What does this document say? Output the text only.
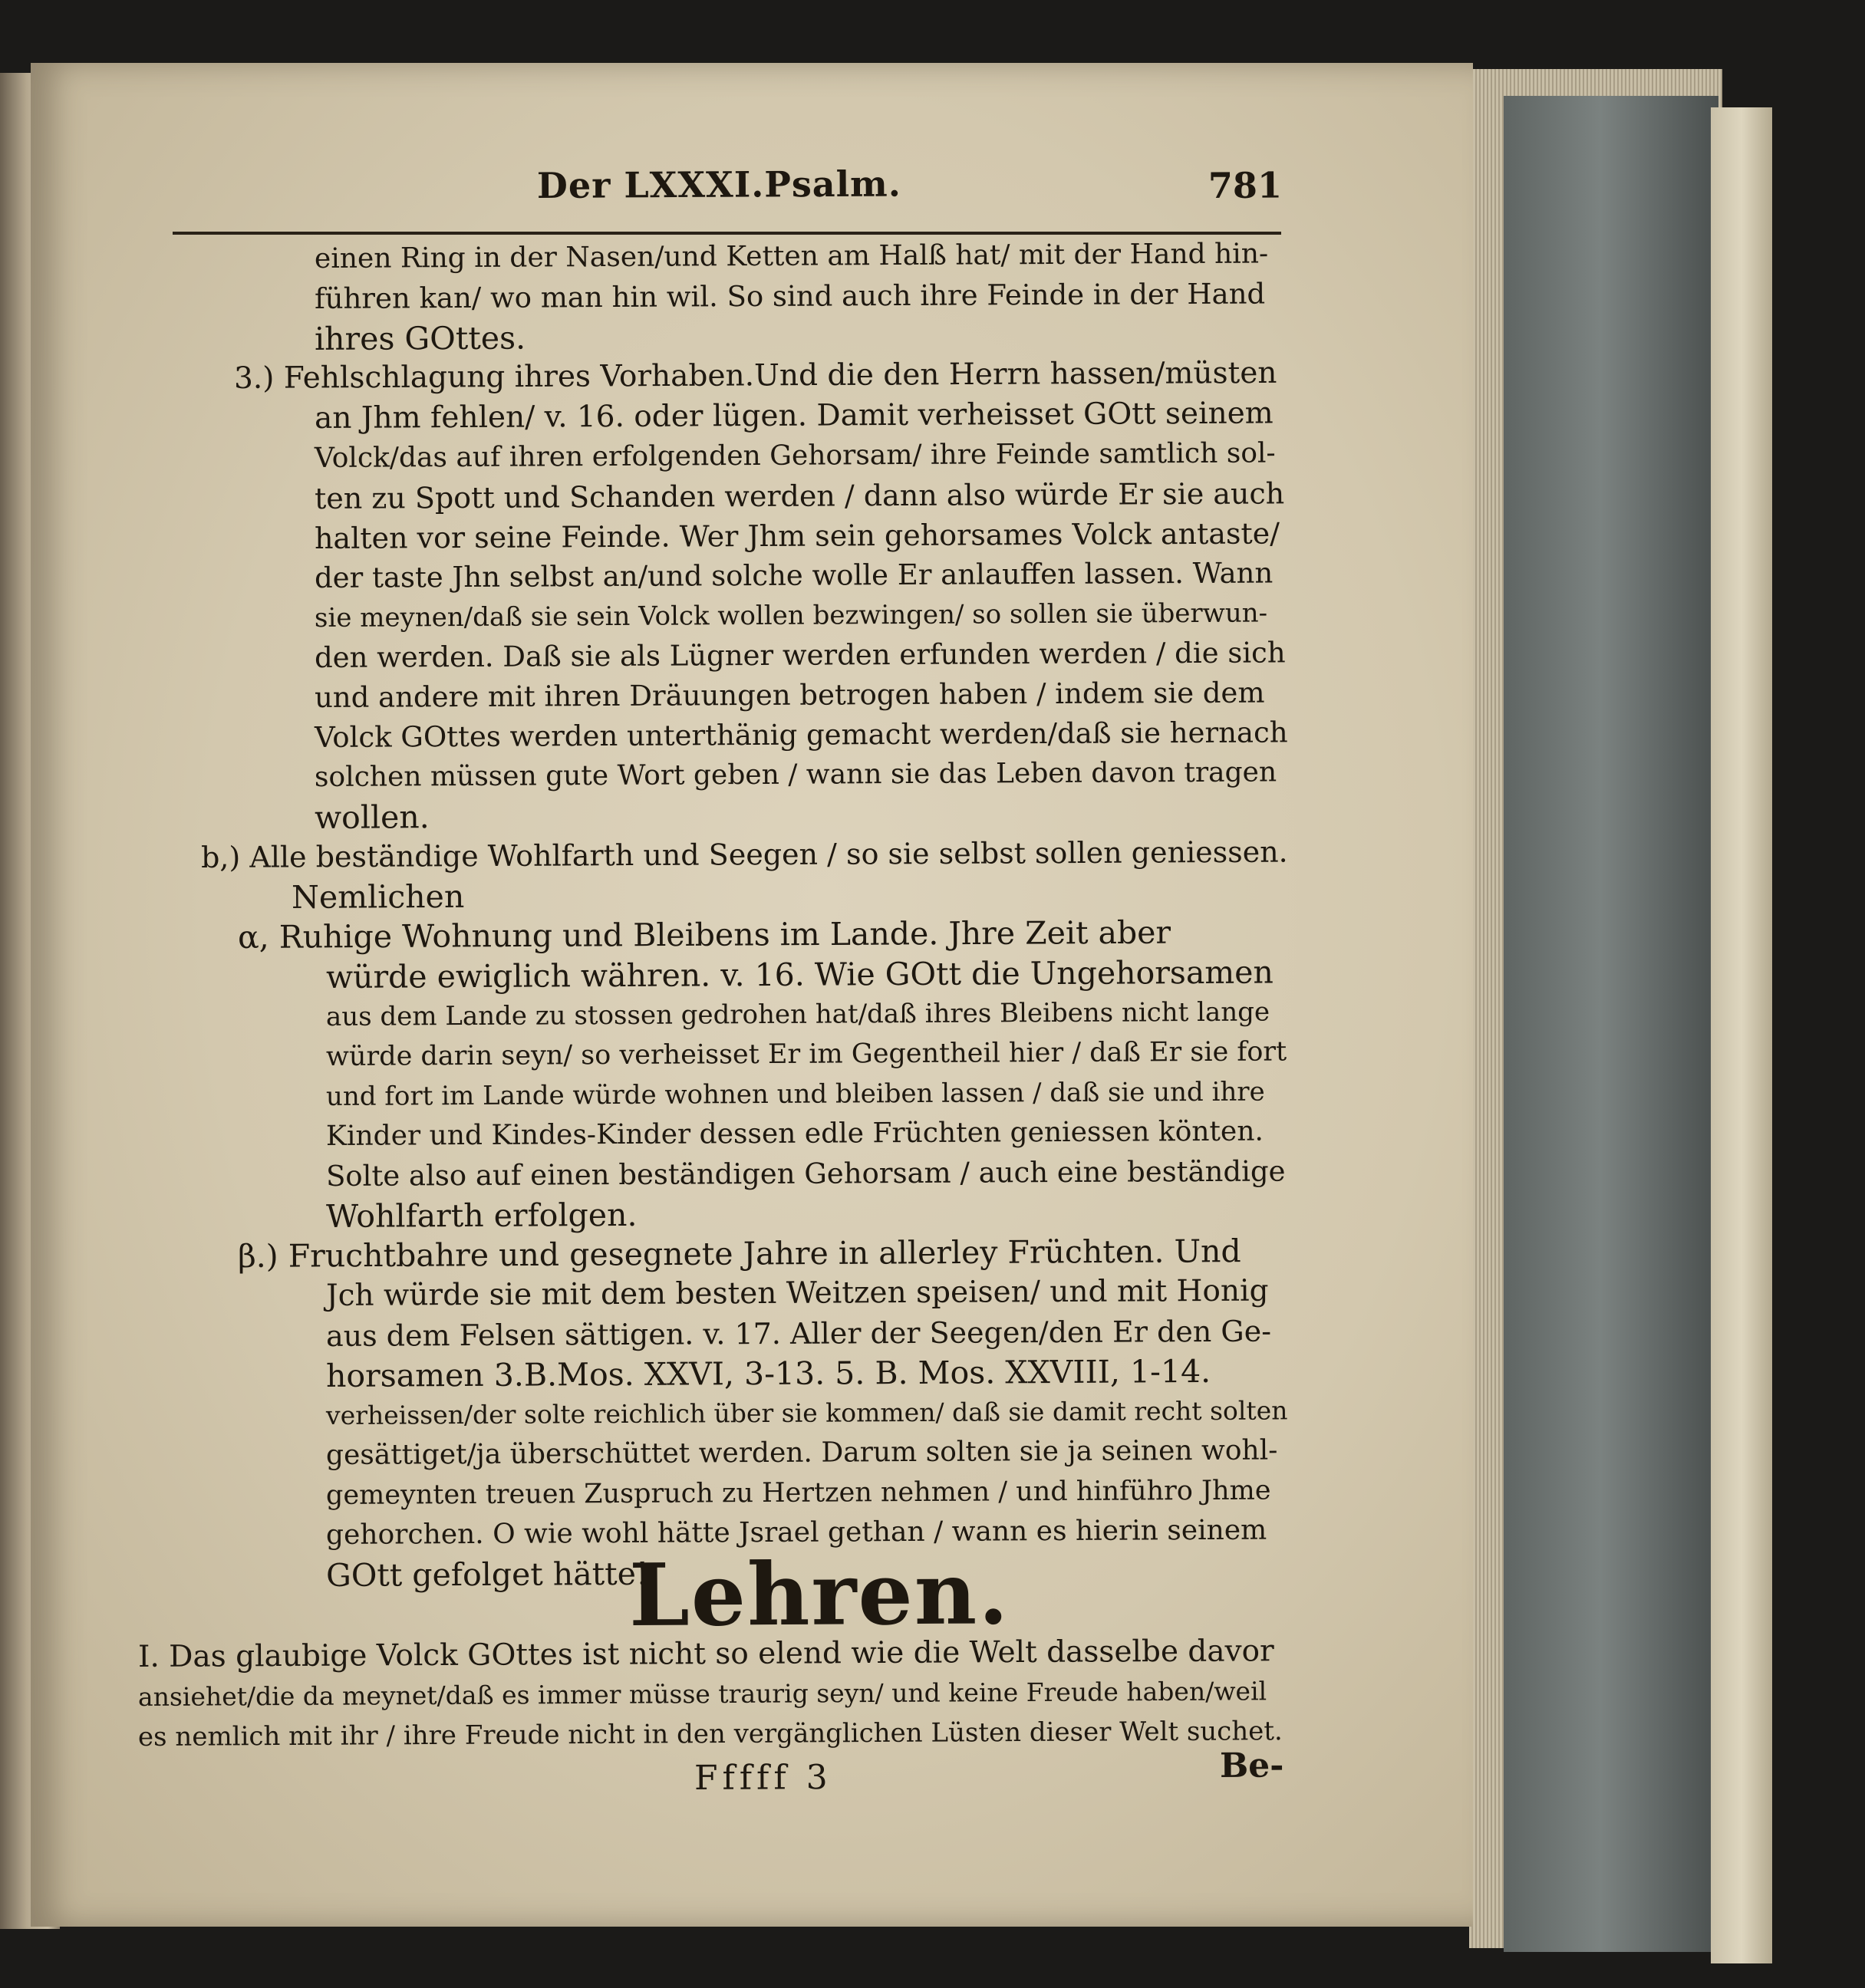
Der LXXXI.Psalm.	781
einen Ring in der Nasen/und Ketten am Halß hat/ mit der Hand hin-
führen kan/ wo man hin wil. So sind auch ihre Feinde in der Hand
ihres GOttes.
3.) Fehlschlagung ihres Vorhaben.Und die den Herrn hassen/müsten
an Jhm fehlen/ v. 16. oder lügen. Damit verheisset GOtt seinem
Volck/das auf ihren erfolgenden Gehorsam/ ihre Feinde samtlich sol-
ten zu Spott und Schanden werden / dann also würde Er sie auch
halten vor seine Feinde. Wer Jhm sein gehorsames Volck antaste/
der taste Jhn selbst an/und solche wolle Er anlauffen lassen. Wann
sie meynen/daß sie sein Volck wollen bezwingen/ so sollen sie überwun-
den werden. Daß sie als Lügner werden erfunden werden / die sich
und andere mit ihren Dräuungen betrogen haben / indem sie dem
Volck GOttes werden unterthänig gemacht werden/daß sie hernach
solchen müssen gute Wort geben / wann sie das Leben davon tragen
wollen.
b,) Alle beständige Wohlfarth und Seegen / so sie selbst sollen geniessen.
Nemlichen
α, Ruhige Wohnung und Bleibens im Lande. Jhre Zeit aber
würde ewiglich währen. v. 16. Wie GOtt die Ungehorsamen
aus dem Lande zu stossen gedrohen hat/daß ihres Bleibens nicht lange
würde darin seyn/ so verheisset Er im Gegentheil hier / daß Er sie fort
und fort im Lande würde wohnen und bleiben lassen / daß sie und ihre
Kinder und Kindes-Kinder dessen edle Früchten geniessen könten.
Solte also auf einen beständigen Gehorsam / auch eine beständige
Wohlfarth erfolgen.
β.) Fruchtbahre und gesegnete Jahre in allerley Früchten. Und
Jch würde sie mit dem besten Weitzen speisen/ und mit Honig
aus dem Felsen sättigen. v. 17. Aller der Seegen/den Er den Ge-
horsamen 3.B.Mos. XXVI, 3-13. 5. B. Mos. XXVIII, 1-14.
verheissen/der solte reichlich über sie kommen/ daß sie damit recht solten
gesättiget/ja überschüttet werden. Darum solten sie ja seinen wohl-
gemeynten treuen Zuspruch zu Hertzen nehmen / und hinführo Jhme
gehorchen. O wie wohl hätte Jsrael gethan / wann es hierin seinem
GOtt gefolget hätte!
I. Das glaubige Volck GOttes ist nicht so elend wie die Welt dasselbe davor
ansiehet/die da meynet/daß es immer müsse traurig seyn/ und keine Freude haben/weil
es nemlich mit ihr / ihre Freude nicht in den vergänglichen Lüsten dieser Welt suchet.
Lehren.
Fffff 3	Be-
